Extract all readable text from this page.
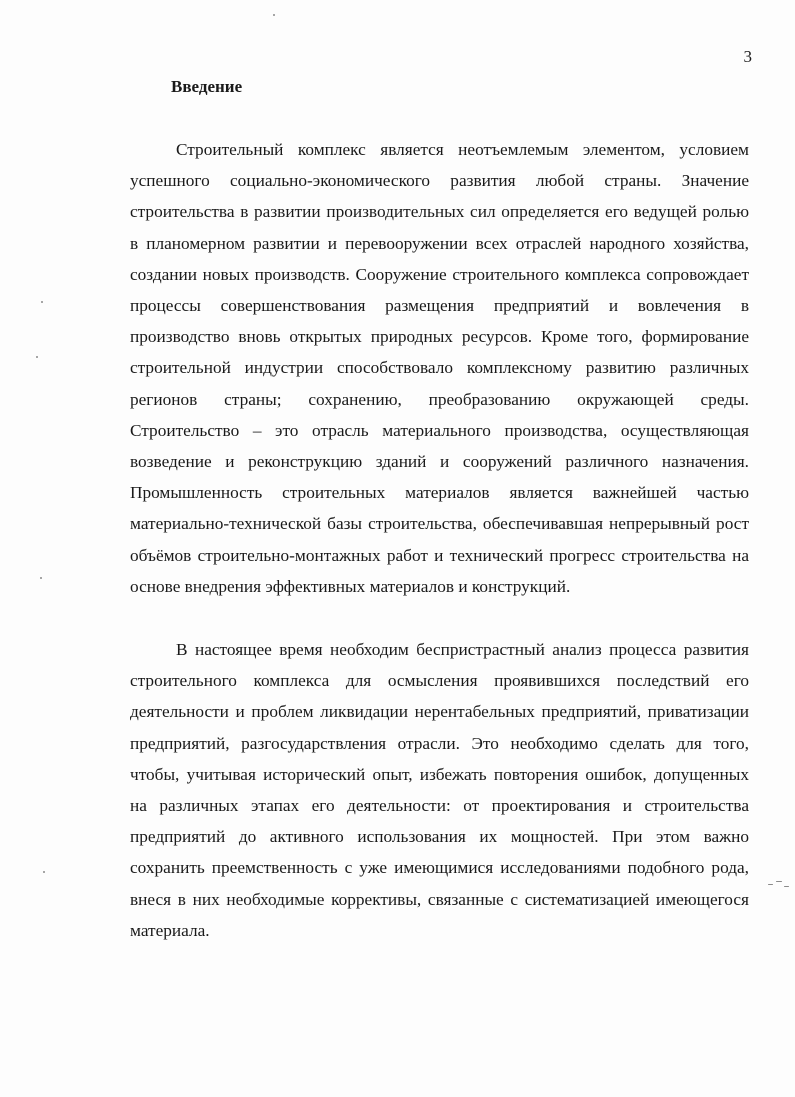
3
Введение

Строительный комплекс является неотъемлемым элементом, условием успешного социально-экономического развития любой страны. Значение строительства в развитии производительных сил определяется его ведущей ролью в планомерном развитии и перевооружении всех отраслей народного хозяйства, создании новых производств. Сооружение строительного комплекса сопровождает процессы совершенствования размещения предприятий и вовлечения в производство вновь открытых природных ресурсов. Кроме того, формирование строительной индустрии способствовало комплексному развитию различных регионов страны; сохранению, преобразованию окружающей среды. Строительство – это отрасль материального производства, осуществляющая возведение и реконструкцию зданий и сооружений различного назначения. Промышленность строительных материалов является важнейшей частью материально-технической базы строительства, обеспечивавшая непрерывный рост объёмов строительно-монтажных работ и технический прогресс строительства на основе внедрения эффективных материалов и конструкций.

В настоящее время необходим беспристрастный анализ процесса развития строительного комплекса для осмысления проявившихся последствий его деятельности и проблем ликвидации нерентабельных предприятий, приватизации предприятий, разгосударствления отрасли. Это необходимо сделать для того, чтобы, учитывая исторический опыт, избежать повторения ошибок, допущенных на различных этапах его деятельности: от проектирования и строительства предприятий до активного использования их мощностей. При этом важно сохранить преемственность с уже имеющимися исследованиями подобного рода, внеся в них необходимые коррективы, связанные с систематизацией имеющегося материала.
